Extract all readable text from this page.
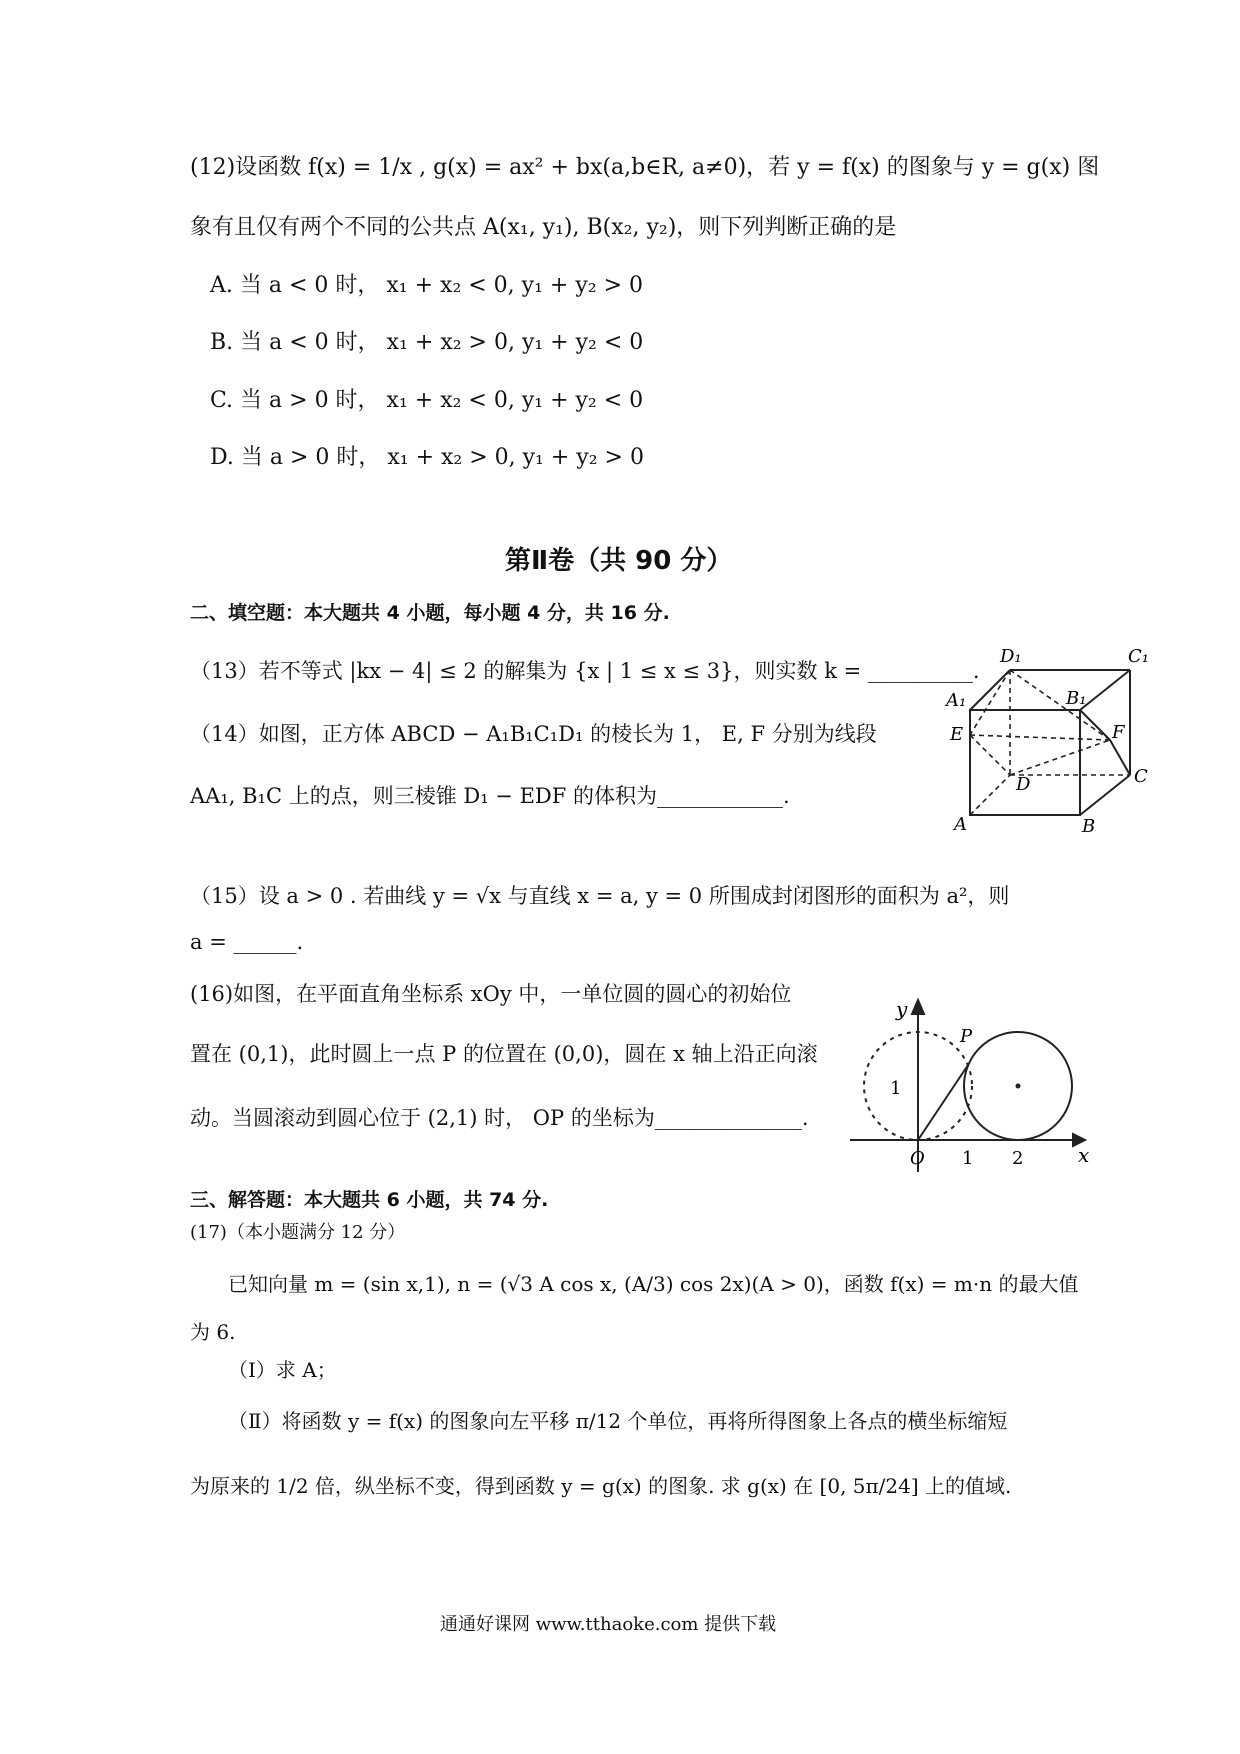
(12)设函数 f(x) = 1/x , g(x) = ax² + bx(a,b∈R, a≠0)，若 y = f(x) 的图象与 y = g(x) 图
象有且仅有两个不同的公共点 A(x₁, y₁), B(x₂, y₂)，则下列判断正确的是
A. 当 a < 0 时， x₁ + x₂ < 0, y₁ + y₂ > 0
B. 当 a < 0 时， x₁ + x₂ > 0, y₁ + y₂ < 0
C. 当 a > 0 时， x₁ + x₂ < 0, y₁ + y₂ < 0
D. 当 a > 0 时， x₁ + x₂ > 0, y₁ + y₂ > 0
第Ⅱ卷（共 90 分）
二、填空题：本大题共 4 小题，每小题 4 分，共 16 分.
（13）若不等式 |kx − 4| ≤ 2 的解集为 {x | 1 ≤ x ≤ 3}，则实数 k = __________.
（14）如图，正方体 ABCD − A₁B₁C₁D₁ 的棱长为 1， E, F 分别为线段
AA₁, B₁C 上的点，则三棱锥 D₁ − EDF 的体积为____________.
D₁	C₁
A₁	B₁
E	F
D	C
A	B
（15）设 a > 0 . 若曲线 y = √x 与直线 x = a, y = 0 所围成封闭图形的面积为 a²，则
a = ______.
(16)如图，在平面直角坐标系 xOy 中，一单位圆的圆心的初始位
置在 (0,1)，此时圆上一点 P 的位置在 (0,0)，圆在 x 轴上沿正向滚
动。当圆滚动到圆心位于 (2,1) 时， OP 的坐标为______________.
y
P
1
O 1 2	x
三、解答题：本大题共 6 小题，共 74 分.
(17)（本小题满分 12 分）
已知向量 m = (sin x,1), n = (√3 A cos x, (A/3) cos 2x)(A > 0)，函数 f(x) = m·n 的最大值
为 6.
（Ⅰ）求 A；
（Ⅱ）将函数 y = f(x) 的图象向左平移 π/12 个单位，再将所得图象上各点的横坐标缩短
为原来的 1/2 倍，纵坐标不变，得到函数 y = g(x) 的图象. 求 g(x) 在 [0, 5π/24] 上的值域.
通通好课网 www.tthaoke.com 提供下载
